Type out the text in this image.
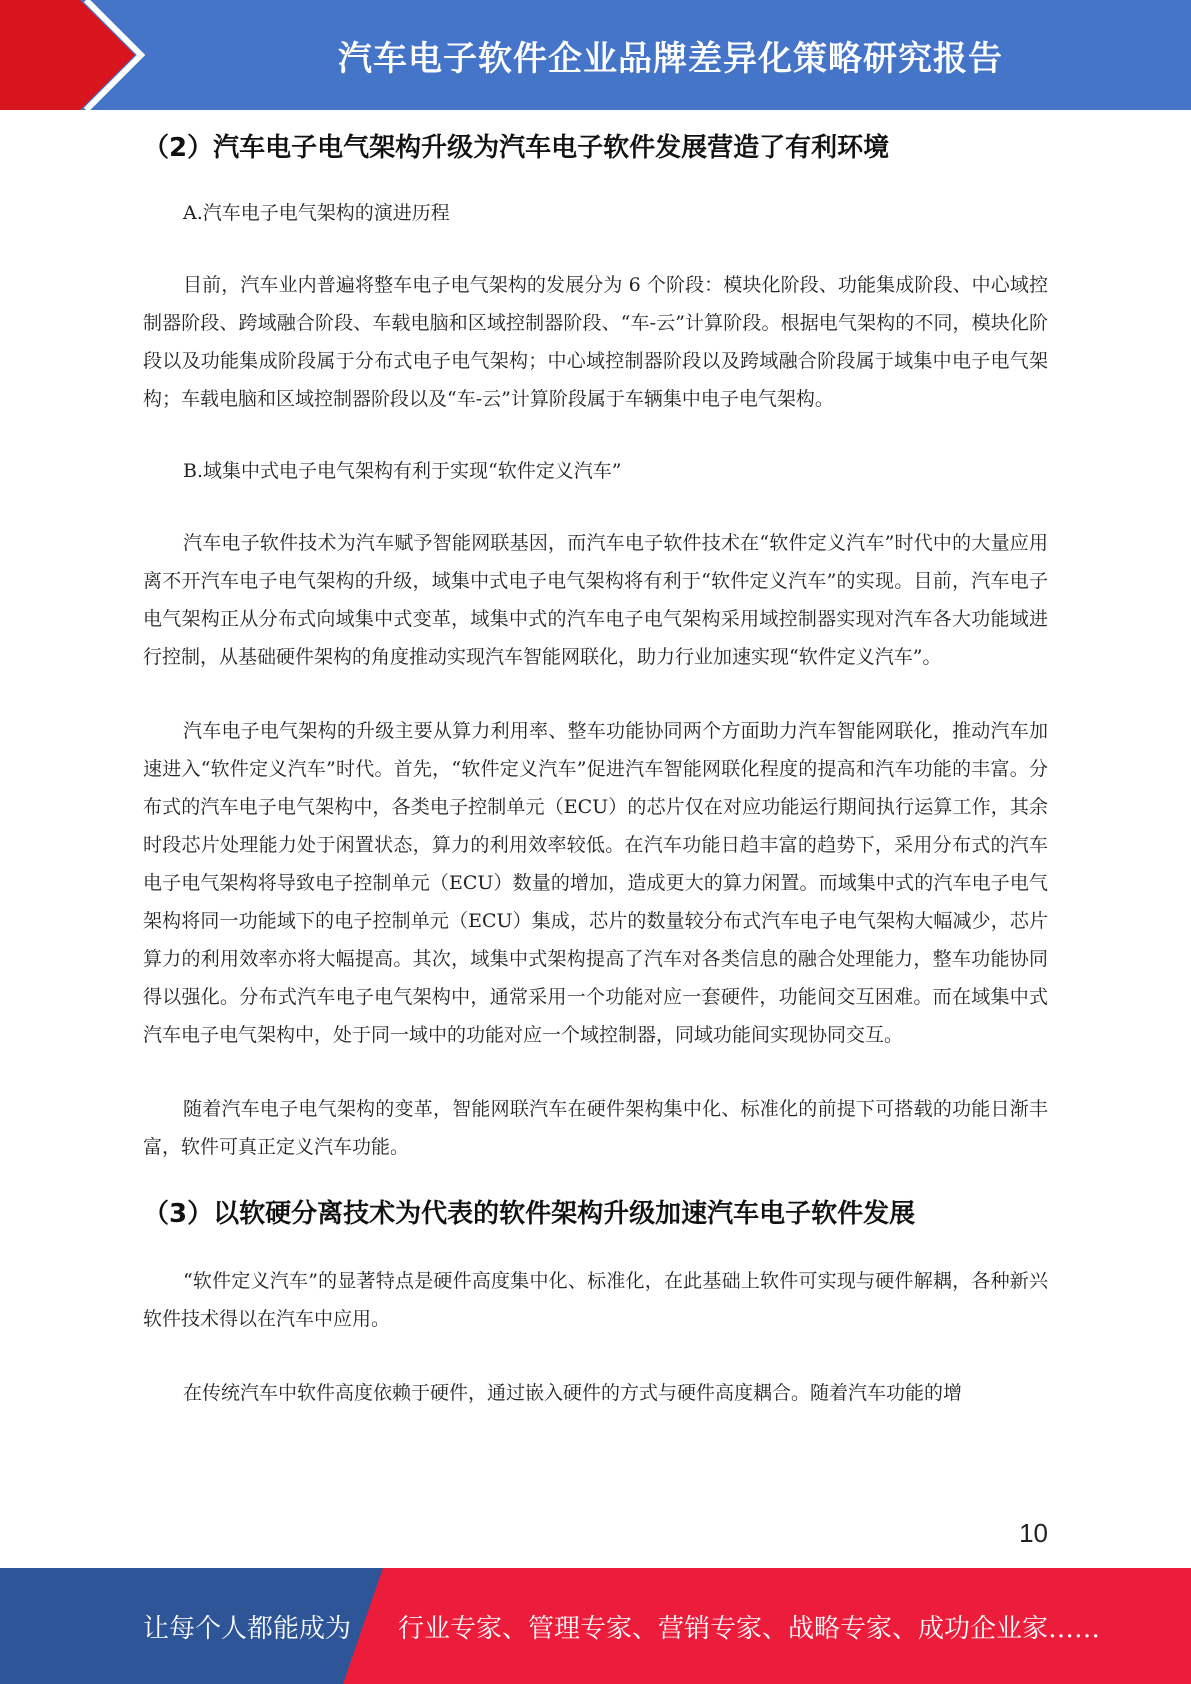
汽车电子软件企业品牌差异化策略研究报告
（2）汽车电子电气架构升级为汽车电子软件发展营造了有利环境

A.汽车电子电气架构的演进历程

目前，汽车业内普遍将整车电子电气架构的发展分为 6 个阶段：模块化阶段、功能集成阶段、中心域控制器阶段、跨域融合阶段、车载电脑和区域控制器阶段、“车-云”计算阶段。根据电气架构的不同，模块化阶段以及功能集成阶段属于分布式电子电气架构；中心域控制器阶段以及跨域融合阶段属于域集中电子电气架构；车载电脑和区域控制器阶段以及“车-云”计算阶段属于车辆集中电子电气架构。

B.域集中式电子电气架构有利于实现“软件定义汽车”

汽车电子软件技术为汽车赋予智能网联基因，而汽车电子软件技术在“软件定义汽车”时代中的大量应用离不开汽车电子电气架构的升级，域集中式电子电气架构将有利于“软件定义汽车”的实现。目前，汽车电子电气架构正从分布式向域集中式变革，域集中式的汽车电子电气架构采用域控制器实现对汽车各大功能域进行控制，从基础硬件架构的角度推动实现汽车智能网联化，助力行业加速实现“软件定义汽车”。

汽车电子电气架构的升级主要从算力利用率、整车功能协同两个方面助力汽车智能网联化，推动汽车加速进入“软件定义汽车”时代。首先，“软件定义汽车”促进汽车智能网联化程度的提高和汽车功能的丰富。分布式的汽车电子电气架构中，各类电子控制单元（ECU）的芯片仅在对应功能运行期间执行运算工作，其余时段芯片处理能力处于闲置状态，算力的利用效率较低。在汽车功能日趋丰富的趋势下，采用分布式的汽车电子电气架构将导致电子控制单元（ECU）数量的增加，造成更大的算力闲置。而域集中式的汽车电子电气架构将同一功能域下的电子控制单元（ECU）集成，芯片的数量较分布式汽车电子电气架构大幅减少，芯片算力的利用效率亦将大幅提高。其次，域集中式架构提高了汽车对各类信息的融合处理能力，整车功能协同得以强化。分布式汽车电子电气架构中，通常采用一个功能对应一套硬件，功能间交互困难。而在域集中式汽车电子电气架构中，处于同一域中的功能对应一个域控制器，同域功能间实现协同交互。

随着汽车电子电气架构的变革，智能网联汽车在硬件架构集中化、标准化的前提下可搭载的功能日渐丰富，软件可真正定义汽车功能。

（3）以软硬分离技术为代表的软件架构升级加速汽车电子软件发展

“软件定义汽车”的显著特点是硬件高度集中化、标准化，在此基础上软件可实现与硬件解耦，各种新兴软件技术得以在汽车中应用。

在传统汽车中软件高度依赖于硬件，通过嵌入硬件的方式与硬件高度耦合。随着汽车功能的增

10
让每个人都能成为 行业专家、管理专家、营销专家、战略专家、成功企业家……
